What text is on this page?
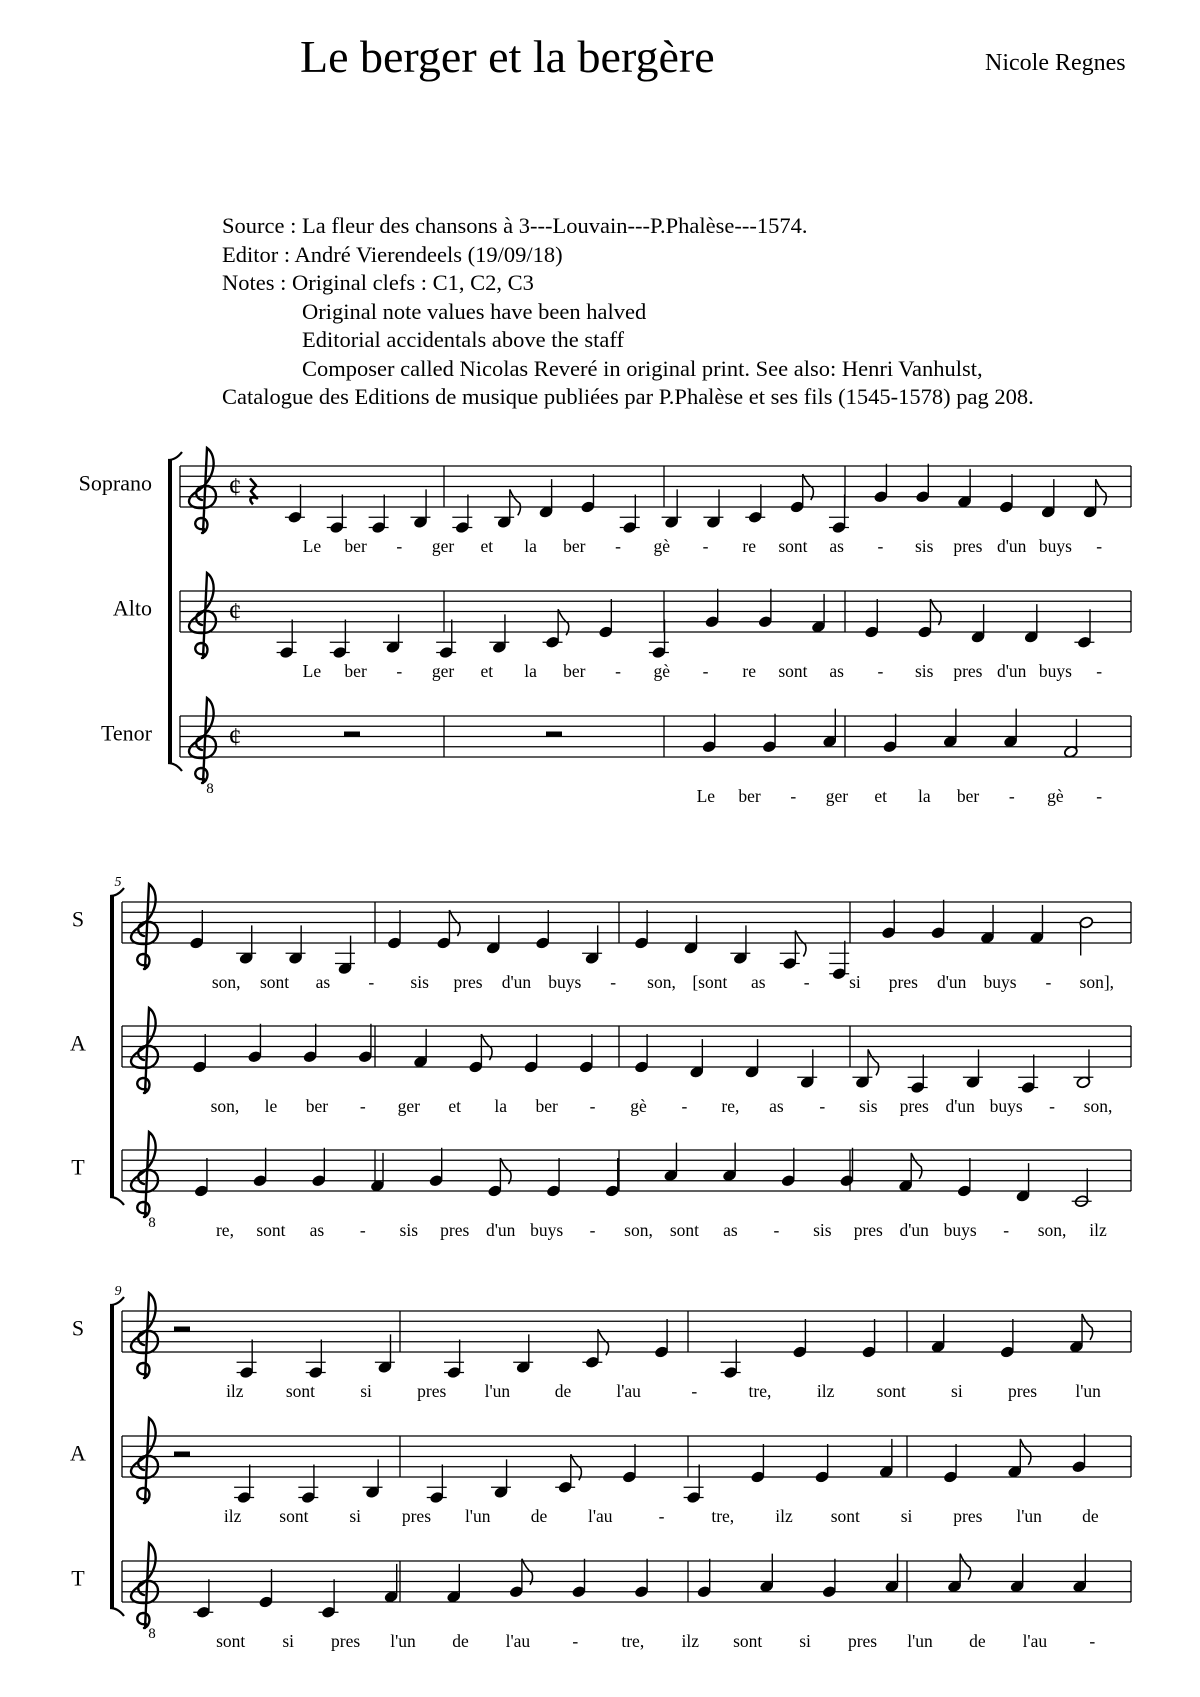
Le berger et la bergère	Nicole Regnes
Source : La fleur des chansons à 3---Louvain---P.Phalèse---1574.
Editor : André Vierendeels (19/09/18)
Notes : Original clefs : C1, C2, C3
Original note values have been halved
Editorial accidentals above the staff
Composer called Nicolas Reveré in original print. See also: Henri Vanhulst,
Catalogue des Editions de musique publiées par P.Phalèse et ses fils (1545-1578) pag 208.
Soprano	¢
Le ber - ger et la ber - gè - re sont as - sis pres d'un buys -
Alto	¢
Le ber - ger et la ber - gè - re sont as - sis pres d'un buys -
Tenor
8
¢
Le ber - ger et la ber - gè -
5
S
son, sont as - sis pres d'un buys - son, [sont as - si pres d'un buys - son],
A
son, le ber - ger et la ber - gè - re, as - sis pres d'un buys - son,
T
8	re, sont as - sis pres d'un buys - son, sont as - sis pres d'un buys - son, ilz
9
S
ilz sont	si	pres l'un	de	l'au	-	tre,	ilz sont	si	pres l'un
A
ilz sont si pres l'un de l'au	-	tre, ilz sont si pres l'un de
T
8	sont si pres l'un de l'au - tre, ilz sont si pres l'un de l'au -
